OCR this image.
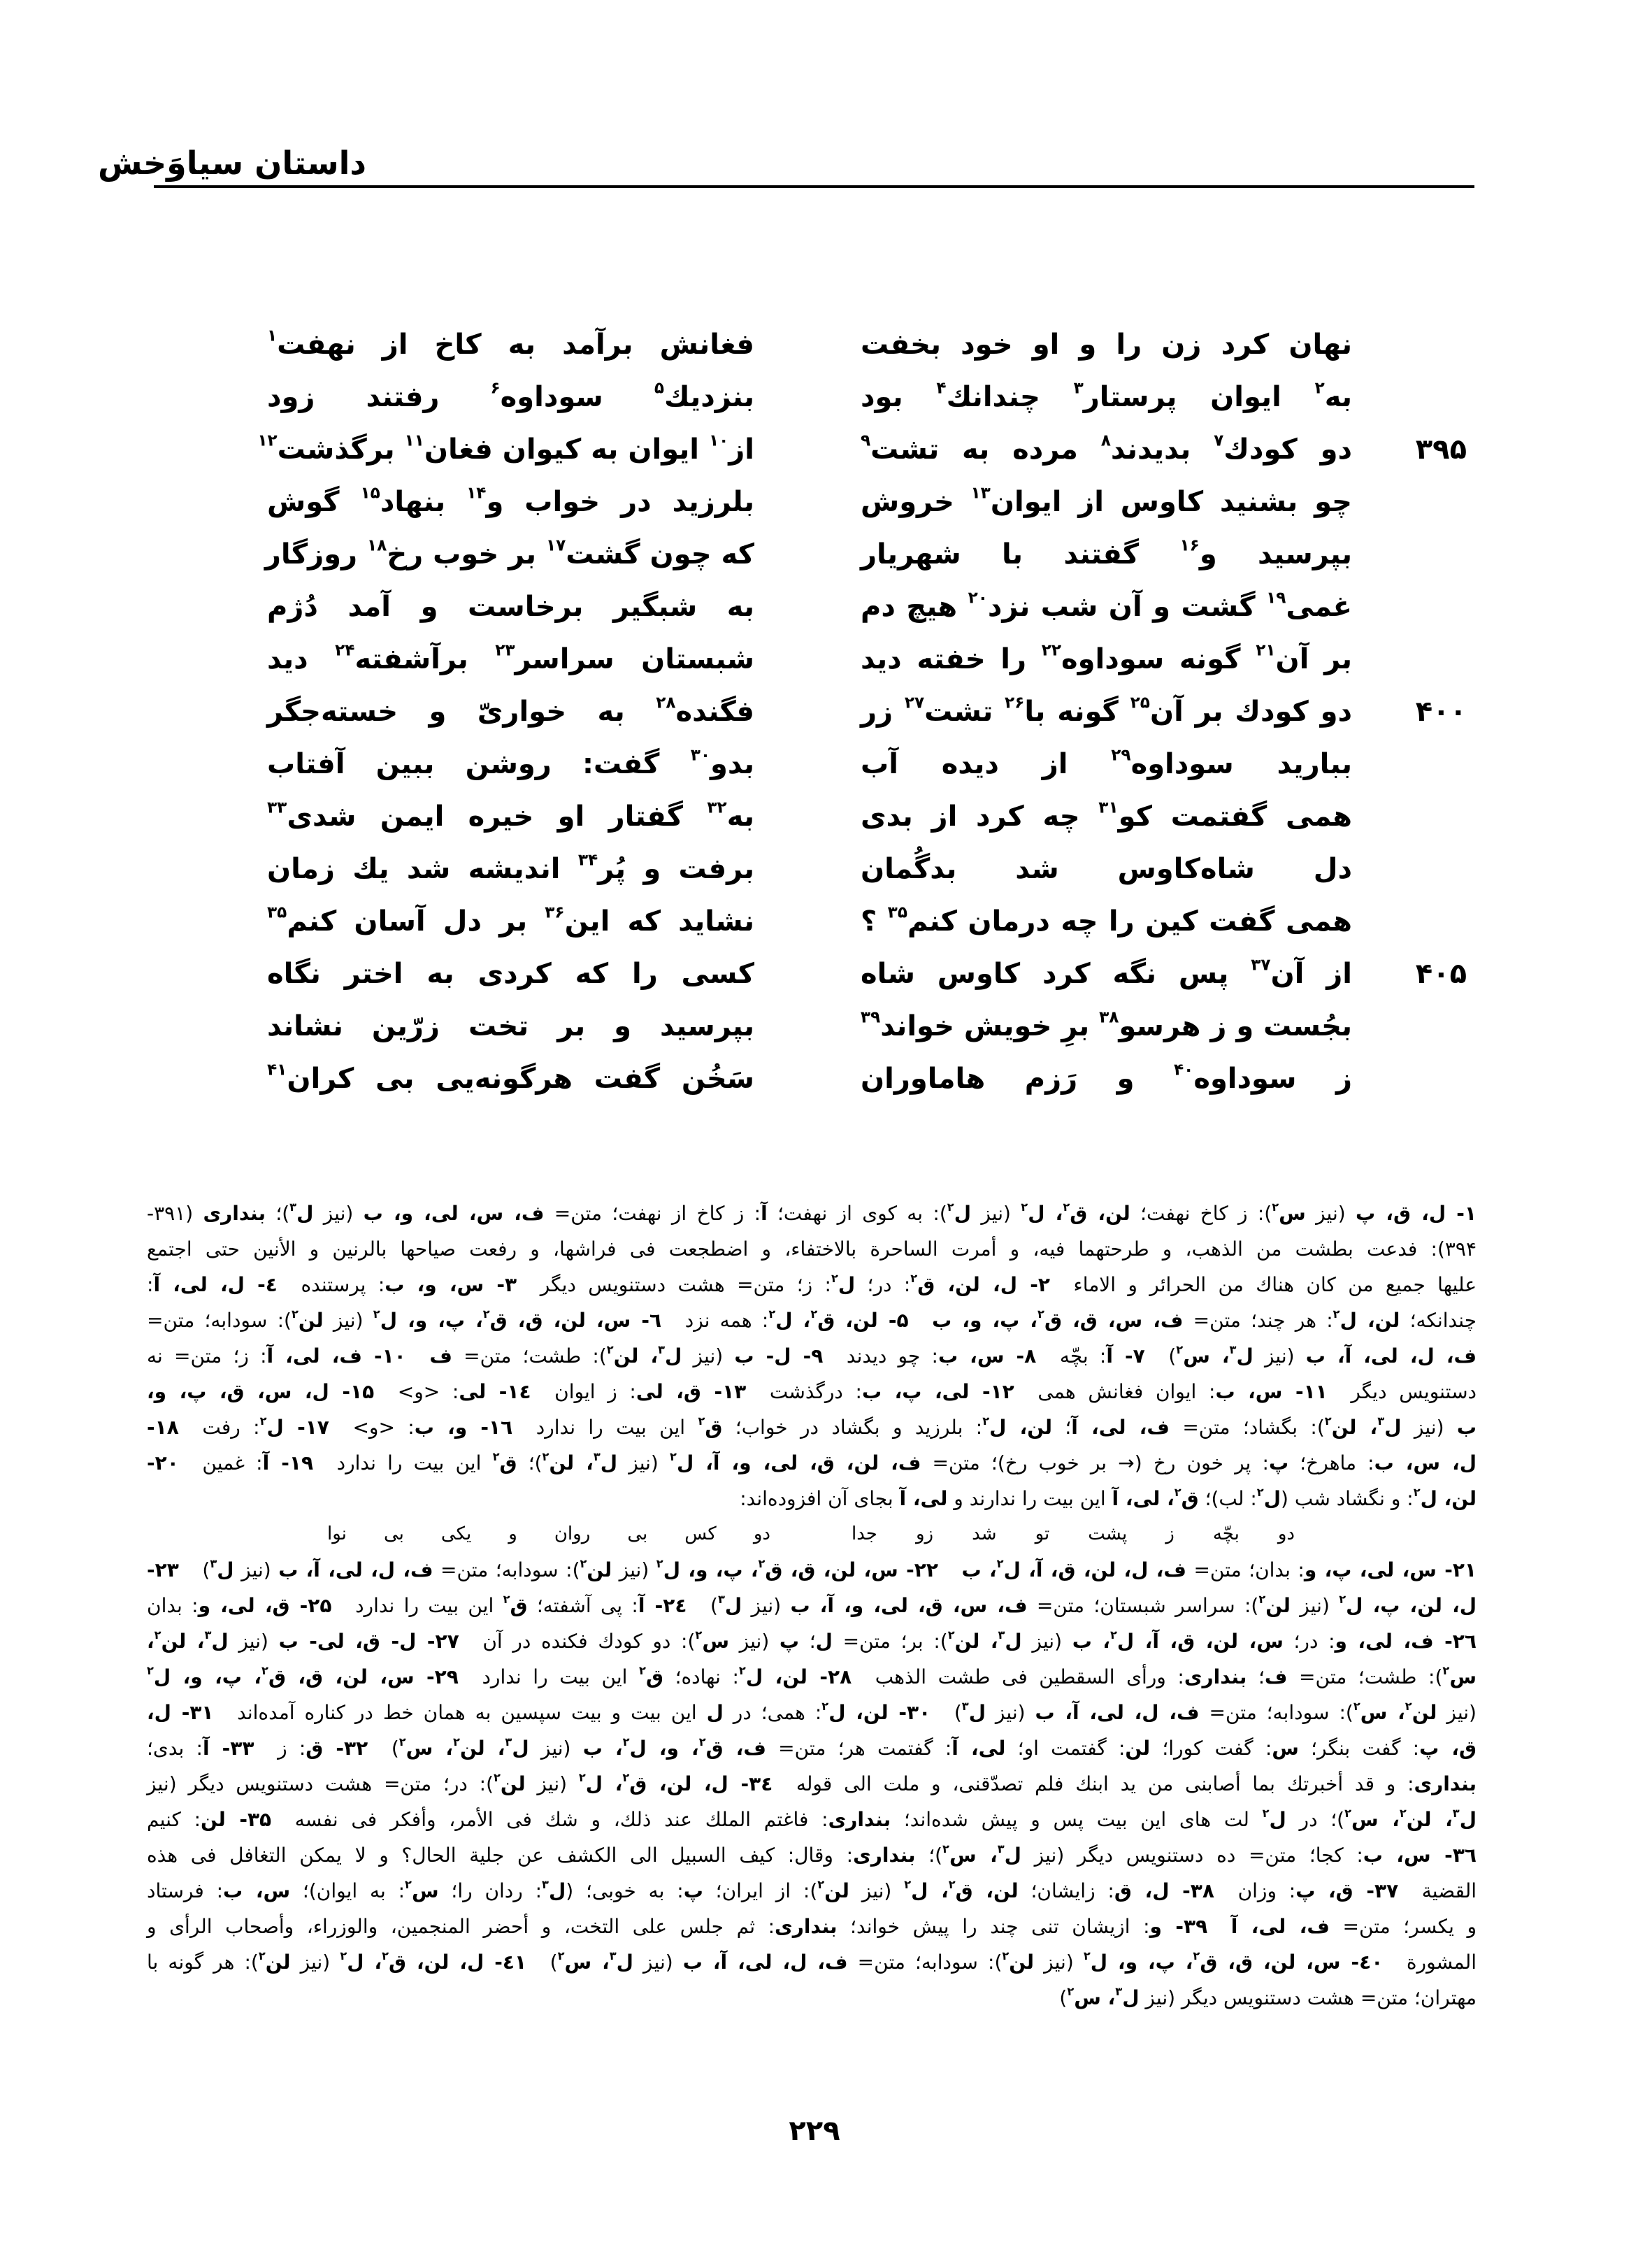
داستان سیاوَخش
نهان کرد زن را و او خود بخفت
فغانش برآمد به کاخ از نهفت$^۱$
به$^۲$ ایوان پرستار$^۳$ چندانك$^۴$ بود
بنزدیك$^۵$ سوداوه$^۶$ رفتند زود
۳۹۵
دو کودك$^۷$ بدیدند$^۸$ مرده به تشت$^۹$
از$^{۱۰}$ ایوان به کیوان فغان$^{۱۱}$ برگذشت$^{۱۲}$
چو بشنید کاوس از ایوان$^{۱۳}$ خروش
بلرزید در خواب و$^{۱۴}$ بنهاد$^{۱۵}$ گوش
بپرسید و$^{۱۶}$ گفتند با شهریار
که چون گشت$^{۱۷}$ بر خوب رخ$^{۱۸}$ روزگار
غمی$^{۱۹}$ گشت و آن شب نزد$^{۲۰}$ هیچ دم
به شبگیر برخاست و آمد دُژم
بر آن$^{۲۱}$ گونه سوداوه$^{۲۲}$ را خفته دید
شبستان سراسر$^{۲۳}$ برآشفته$^{۲۴}$ دید
۴۰۰
دو کودك بر آن$^{۲۵}$ گونه با$^{۲۶}$ تشت$^{۲۷}$ زر
فگنده$^{۲۸}$ به خواریّ و خسته‌جگر
ببارید سوداوه$^{۲۹}$ از دیده آب
بدو$^{۳۰}$ گفت: روشن ببین آفتاب
همی گفتمت کو$^{۳۱}$ چه کرد از بدی
به$^{۳۲}$ گفتار او خیره ایمن شدی$^{۳۳}$
دل شاه‌کاوس شد بدگُمان
برفت و پُر$^{۳۴}$ اندیشه شد یك زمان
همی گفت کین را چه درمان کنم$^{۳۵}$ ؟
نشاید که این$^{۳۶}$ بر دل آسان کنم$^{۳۵}$
۴۰۵
از آن$^{۳۷}$ پس نگه کرد کاوس شاه
کسی را که کردی به اختر نگاه
بجُست و ز هرسو$^{۳۸}$ برِ خویش خواند$^{۳۹}$
بپرسید و بر تخت زرّین نشاند
ز سوداوه$^{۴۰}$ و رَزم هاماوران
سَخُن گفت هرگونه‌یی بی کران$^{۴۱}$
۱- ل، ق، پ (نیز س$^۲$): ز کاخ نهفت؛ لن، ق$^۲$، ل$^۲$ (نیز ل$^۲$): به کوی از نهفت؛ آ: ز کاخ از نهفت؛ متن= ف، س، لی، و، ب (نیز ل$^۳$)؛ بنداری (۳۹۱-
۳۹۴): فدعت بطشت من الذهب، و طرحتهما فیه، و أمرت الساحرة بالاختفاء، و اضطجعت فی فراشها، و رفعت صیاحها بالرنین و الأنین حتی اجتمع
علیها جمیع من کان هناك من الحرائر و الاماء۲- ل، لن، ق$^۲$: در؛ ل$^۲$: ز؛ متن= هشت دستنویس دیگر۳- س، و، ب: پرستنده٤- ل، لی، آ:
چندانکه؛ لن، ل$^۲$: هر چند؛ متن= ف، س، ق، ق$^۲$، پ، و، ب۵- لن، ق$^۲$، ل$^۲$: همه نزد٦- س، لن، ق، ق$^۲$، پ، و، ل$^۲$ (نیز لن$^۲$): سودابه؛ متن=
ف، ل، لی، آ، ب (نیز ل$^۳$، س$^۲$)۷- آ: بچّه۸- س، ب: چو دیدند۹- ل- ب (نیز ل$^۳$، لن$^۲$): طشت؛ متن= ف۱۰- ف، لی، آ: ز؛ متن= نه
دستنویس دیگر۱۱- س، ب: ایوان فغانش همی۱۲- لی، پ، ب: درگذشت۱۳- ق، لی: ز ایوان١٤- لی: <و>۱۵- ل، س، ق، پ، و،
ب (نیز ل$^۳$، لن$^۲$): بگشاد؛ متن= ف، لی، آ؛ لن، ل$^۲$: بلرزید و بگشاد در خواب؛ ق$^۲$ این بیت را ندارد١٦- و، ب: <و>۱۷- ل$^۲$: رفت۱۸-
ل، س، ب: ماهرخ؛ پ: پر خون رخ (→ بر خوب رخ)؛ متن= ف، لن، ق، لی، و، آ، ل$^۲$ (نیز ل$^۳$، لن$^۲$)؛ ق$^۲$ این بیت را ندارد۱۹- آ: غمین۲۰-
لن، ل$^۲$: و نگشاد شب (ل$^۲$: لب)؛ ق$^۲$، لی، آ این بیت را ندارند و لی، آ بجای آن افزوده‌اند:
دو بچّه ز پشت تو شد زو جدا
دو کس بی روان و یکی بی نوا
۲۱- س، لی، پ، و: بدان؛ متن= ف، ل، لن، ق، آ، ل$^۲$، ب۲۲- س، لن، ق، ق$^۲$، پ، و، ل$^۲$ (نیز لن$^۲$): سودابه؛ متن= ف، ل، لی، آ، ب (نیز ل$^۳$)۲۳-
ل، لن، پ، ل$^۲$ (نیز لن$^۲$): سراسر شبستان؛ متن= ف، س، ق، لی، و، آ، ب (نیز ل$^۳$)٢٤- آ: پی آشفته؛ ق$^۲$ این بیت را ندارد۲۵- ق، لی، و: بدان
٢٦- ف، لی، و: در؛ س، لن، ق، آ، ل$^۲$، ب (نیز ل$^۳$، لن$^۲$): بر؛ متن= ل؛ پ (نیز س$^۲$): دو کودك فکنده در آن۲۷- ل- ق، لی- ب (نیز ل$^۳$، لن$^۲$،
س$^۲$): طشت؛ متن= ف؛ بنداری: ورأی السقطین فی طشت الذهب۲۸- لن، ل$^۲$: نهاده؛ ق$^۲$ این بیت را ندارد۲۹- س، لن، ق، ق$^۲$، پ، و، ل$^۲$
(نیز لن$^۲$، س$^۲$): سودابه؛ متن= ف، ل، لی، آ، ب (نیز ل$^۳$)۳۰- لن، ل$^۲$: همی؛ در ل این بیت و بیت سپسین به همان خط در کناره آمده‌اند۳۱- ل،
ق، پ: گفت بنگر؛ س: گفت کورا؛ لن: گفتمت او؛ لی، آ: گفتمت هر؛ متن= ف، ق$^۲$، و، ل$^۲$، ب (نیز ل$^۳$، لن$^۲$، س$^۲$)۳۲- ق: ز۳۳- آ: بدی؛
بنداری: و قد أخبرتك بما أصابنی من ید ابنك فلم تصدّقنی، و ملت الی قوله٣٤- ل، لن، ق$^۲$، ل$^۲$ (نیز لن$^۲$): در؛ متن= هشت دستنویس دیگر (نیز
ل$^۳$، لن$^۲$، س$^۲$)؛ در ل$^۲$ لت های این بیت پس و پیش شده‌اند؛ بنداری: فاغتم الملك عند ذلك، و شك فی الأمر، وأفکر فی نفسه۳۵- لن: کنیم
٣٦- س، ب: کجا؛ متن= ده دستنویس دیگر (نیز ل$^۳$، س$^۲$)؛ بنداری: وقال: کیف السبیل الی الکشف عن جلیة الحال؟ و لا یمکن التغافل فی هذه
القضیة۳۷- ق، پ: وزان۳۸- ل، ق: زایشان؛ لن، ق$^۲$، ل$^۲$ (نیز لن$^۲$): از ایران؛ پ: به خوبی؛ (ل$^۳$: ردان را؛ س$^۲$: به ایوان)؛ س، ب: فرستاد
و یکسر؛ متن= ف، لی، آ۳۹- و: ازیشان تنی چند را پیش خواند؛ بنداری: ثم جلس علی التخت، و أحضر المنجمین، والوزراء، وأصحاب الرأی و
المشورة٤٠- س، لن، ق، ق$^۲$، پ، و، ل$^۲$ (نیز لن$^۲$): سودابه؛ متن= ف، ل، لی، آ، ب (نیز ل$^۳$، س$^۲$)٤١- ل، لن، ق$^۲$، ل$^۲$ (نیز لن$^۲$): هر گونه با
مهتران؛ متن= هشت دستنویس دیگر (نیز ل$^۳$، س$^۲$)
۲۲۹
